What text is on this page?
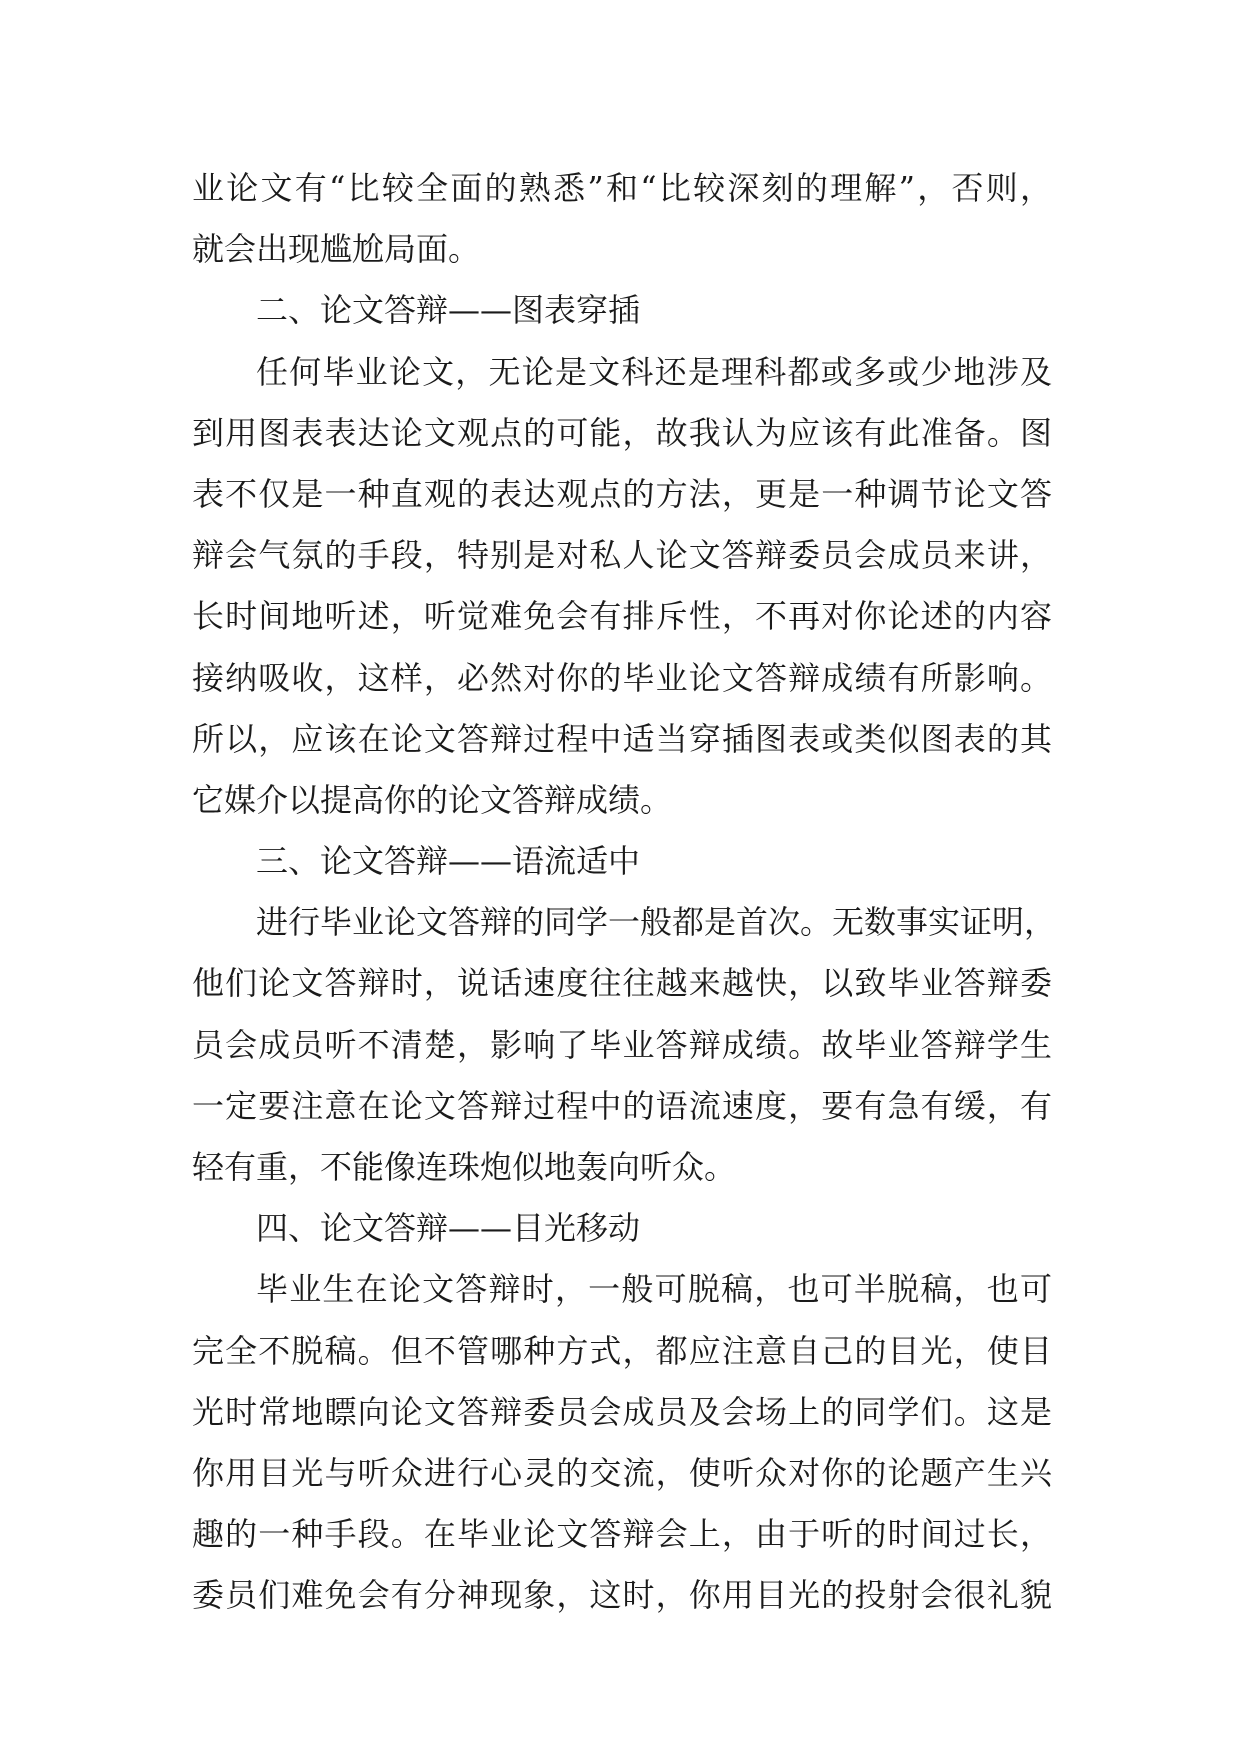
业论文有“比较全面的熟悉”和“比较深刻的理解”，否则，
就会出现尴尬局面。
二、论文答辩——图表穿插
任何毕业论文，无论是文科还是理科都或多或少地涉及
到用图表表达论文观点的可能，故我认为应该有此准备。图
表不仅是一种直观的表达观点的方法，更是一种调节论文答
辩会气氛的手段，特别是对私人论文答辩委员会成员来讲，
长时间地听述，听觉难免会有排斥性，不再对你论述的内容
接纳吸收，这样，必然对你的毕业论文答辩成绩有所影响。
所以，应该在论文答辩过程中适当穿插图表或类似图表的其
它媒介以提高你的论文答辩成绩。
三、论文答辩——语流适中
进行毕业论文答辩的同学一般都是首次。无数事实证明，
他们论文答辩时，说话速度往往越来越快，以致毕业答辩委
员会成员听不清楚，影响了毕业答辩成绩。故毕业答辩学生
一定要注意在论文答辩过程中的语流速度，要有急有缓，有
轻有重，不能像连珠炮似地轰向听众。
四、论文答辩——目光移动
毕业生在论文答辩时，一般可脱稿，也可半脱稿，也可
完全不脱稿。但不管哪种方式，都应注意自己的目光，使目
光时常地瞟向论文答辩委员会成员及会场上的同学们。这是
你用目光与听众进行心灵的交流，使听众对你的论题产生兴
趣的一种手段。在毕业论文答辩会上，由于听的时间过长，
委员们难免会有分神现象，这时，你用目光的投射会很礼貌
